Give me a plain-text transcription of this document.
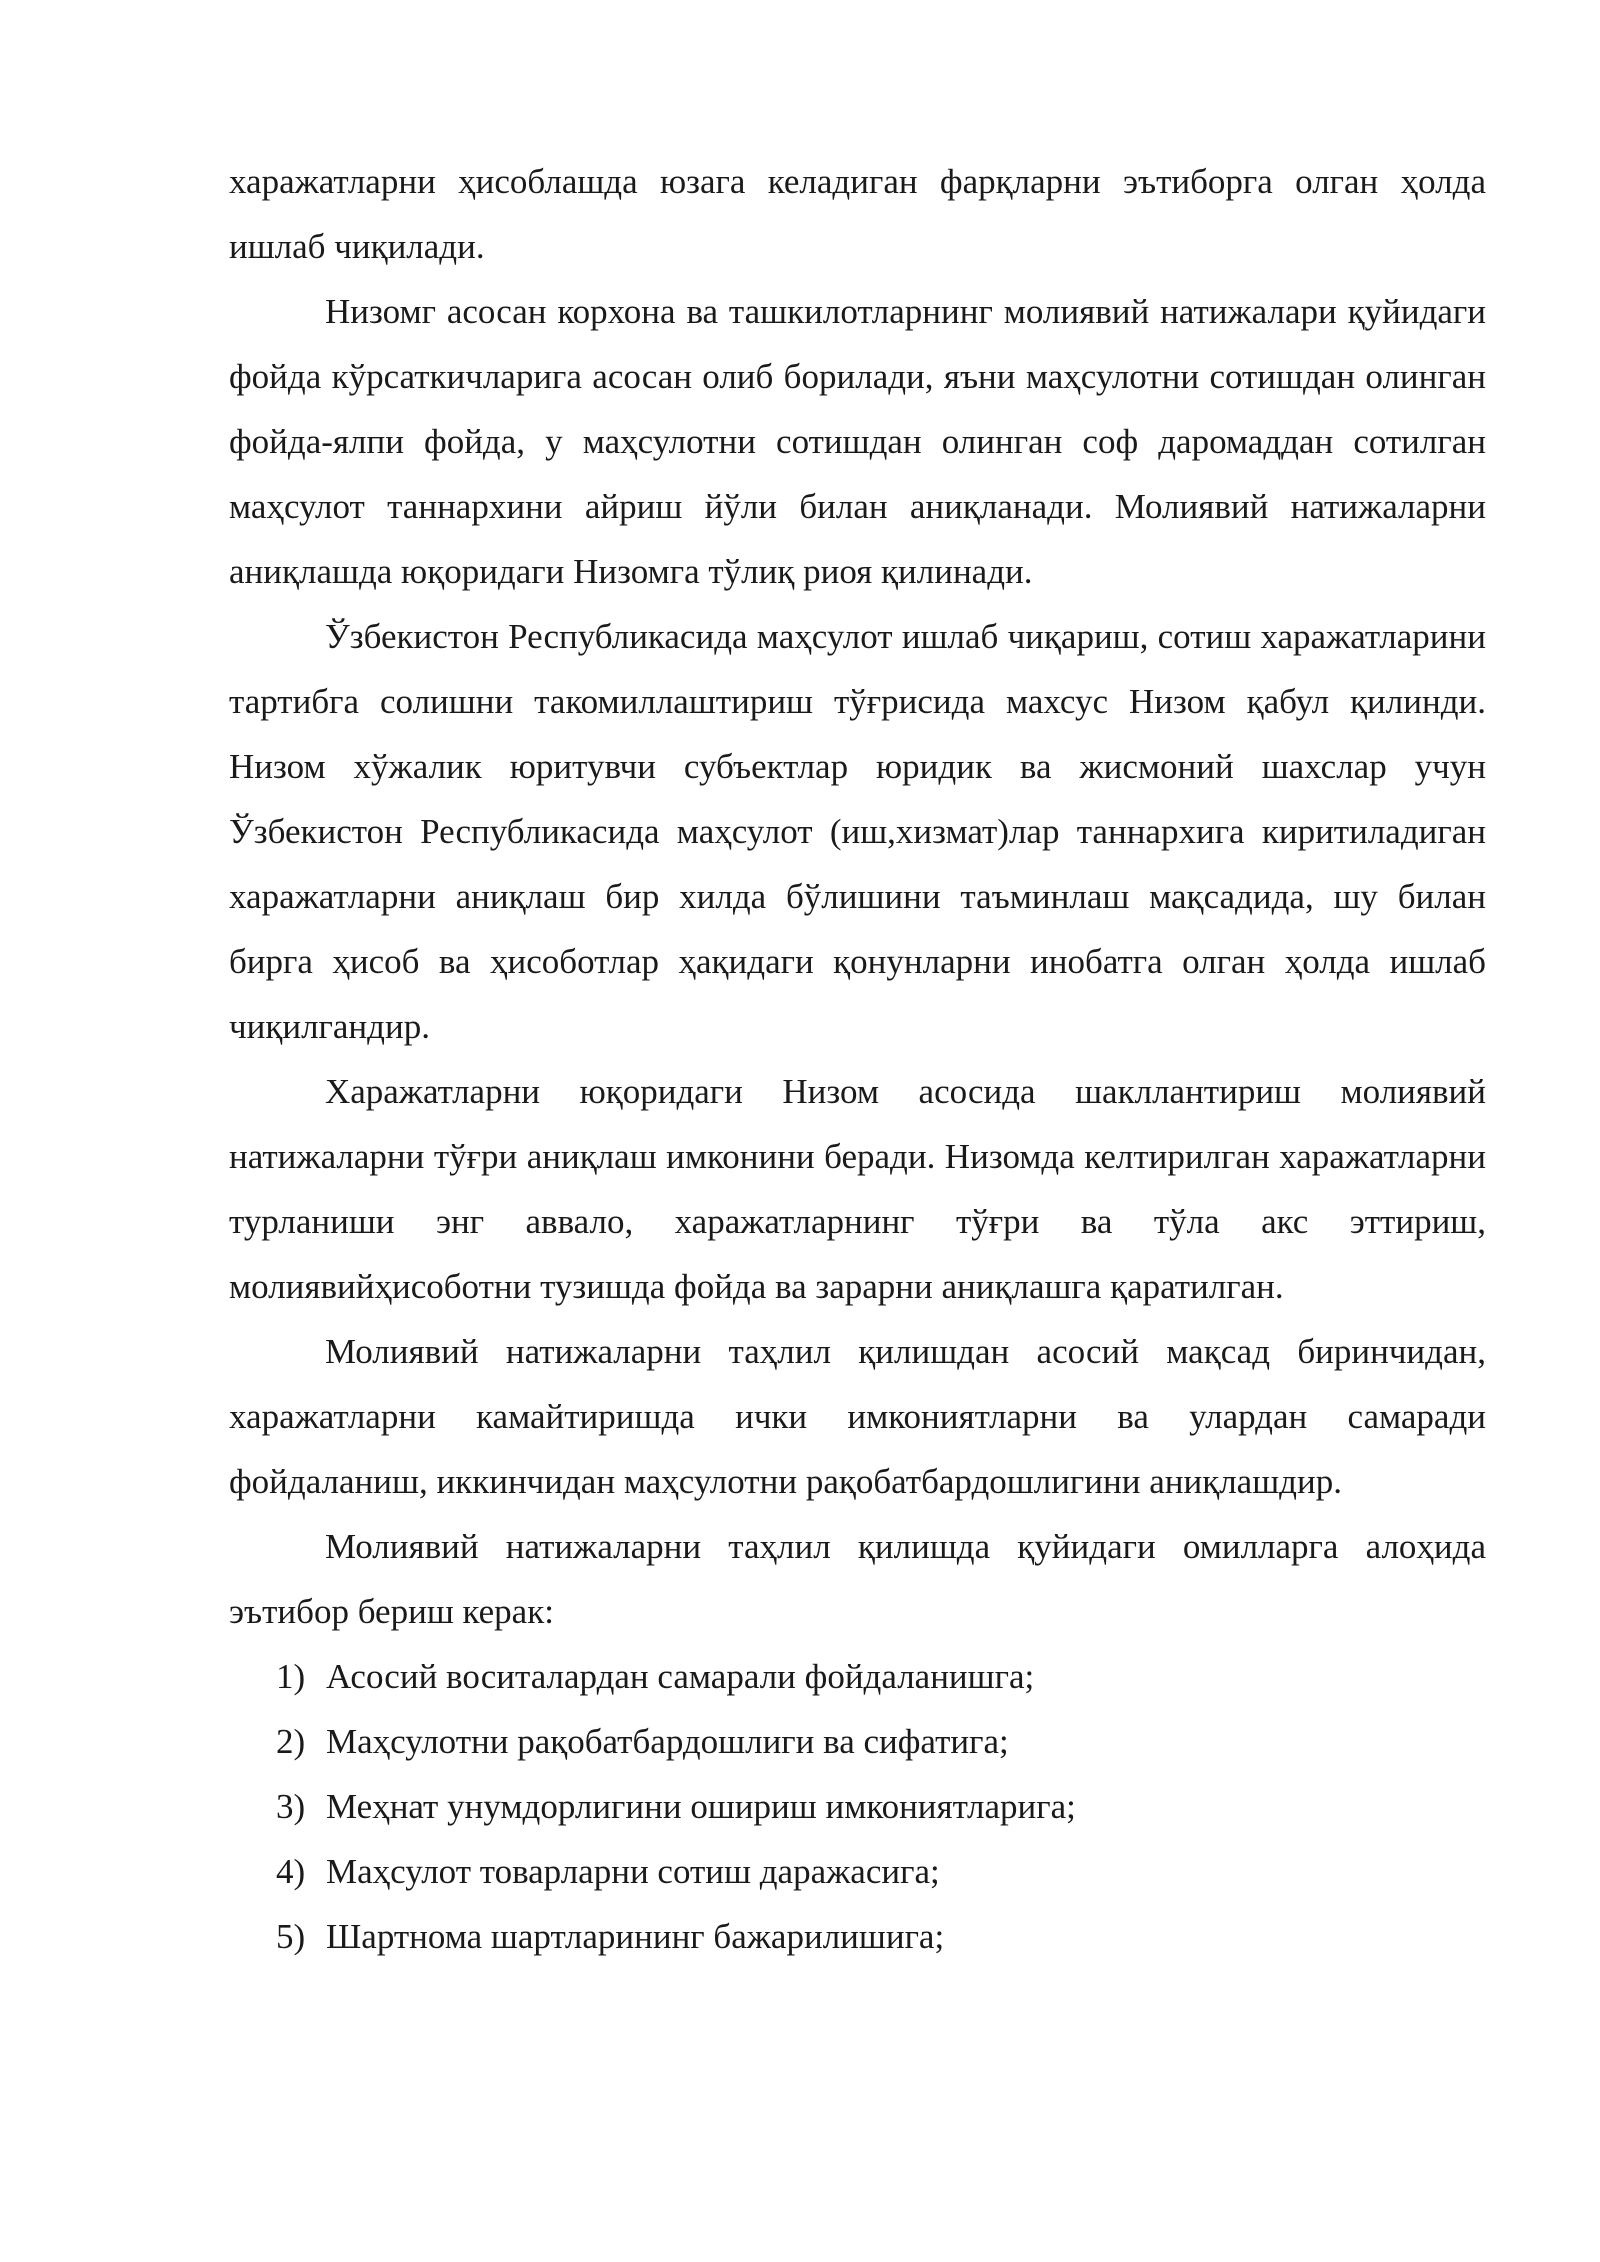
харажатларни ҳисоблашда юзага келадиган фарқларни эътиборга олган ҳолда ишлаб чиқилади.

Низомг асосан корхона ва ташкилотларнинг молиявий натижалари қуйидаги фойда кўрсаткичларига асосан олиб борилади, яъни маҳсулотни сотишдан олинган фойда-ялпи фойда, у маҳсулотни сотишдан олинган соф даромаддан сотилган маҳсулот таннархини айриш йўли билан аниқланади. Молиявий натижаларни аниқлашда юқоридаги Низомга тўлиқ риоя қилинади.

Ўзбекистон Республикасида маҳсулот ишлаб чиқариш, сотиш харажатларини тартибга солишни такомиллаштириш тўғрисида махсус Низом қабул қилинди. Низом хўжалик юритувчи субъектлар юридик ва жисмоний шахслар учун Ўзбекистон Республикасида маҳсулот (иш,хизмат)лар таннархига киритиладиган харажатларни аниқлаш бир хилда бўлишини таъминлаш мақсадида, шу билан бирга ҳисоб ва ҳисоботлар ҳақидаги қонунларни инобатга олган ҳолда ишлаб чиқилгандир.

Харажатларни юқоридаги Низом асосида шакллантириш молиявий натижаларни тўғри аниқлаш имконини беради. Низомда келтирилган харажатларни турланиши энг аввало, харажатларнинг тўғри ва тўла акс эттириш, молиявийҳисоботни тузишда фойда ва зарарни аниқлашга қаратилган.

Молиявий натижаларни таҳлил қилишдан асосий мақсад биринчидан, харажатларни камайтиришда ички имкониятларни ва улардан самаради фойдаланиш, иккинчидан маҳсулотни рақобатбардошлигини аниқлашдир.

Молиявий натижаларни таҳлил қилишда қуйидаги омилларга алоҳида эътибор бериш керак:

1) Асосий воситалардан самарали фойдаланишга;
2) Маҳсулотни рақобатбардошлиги ва сифатига;
3) Меҳнат унумдорлигини ошириш имкониятларига;
4) Маҳсулот товарларни сотиш даражасига;
5) Шартнома шартларининг бажарилишига;
